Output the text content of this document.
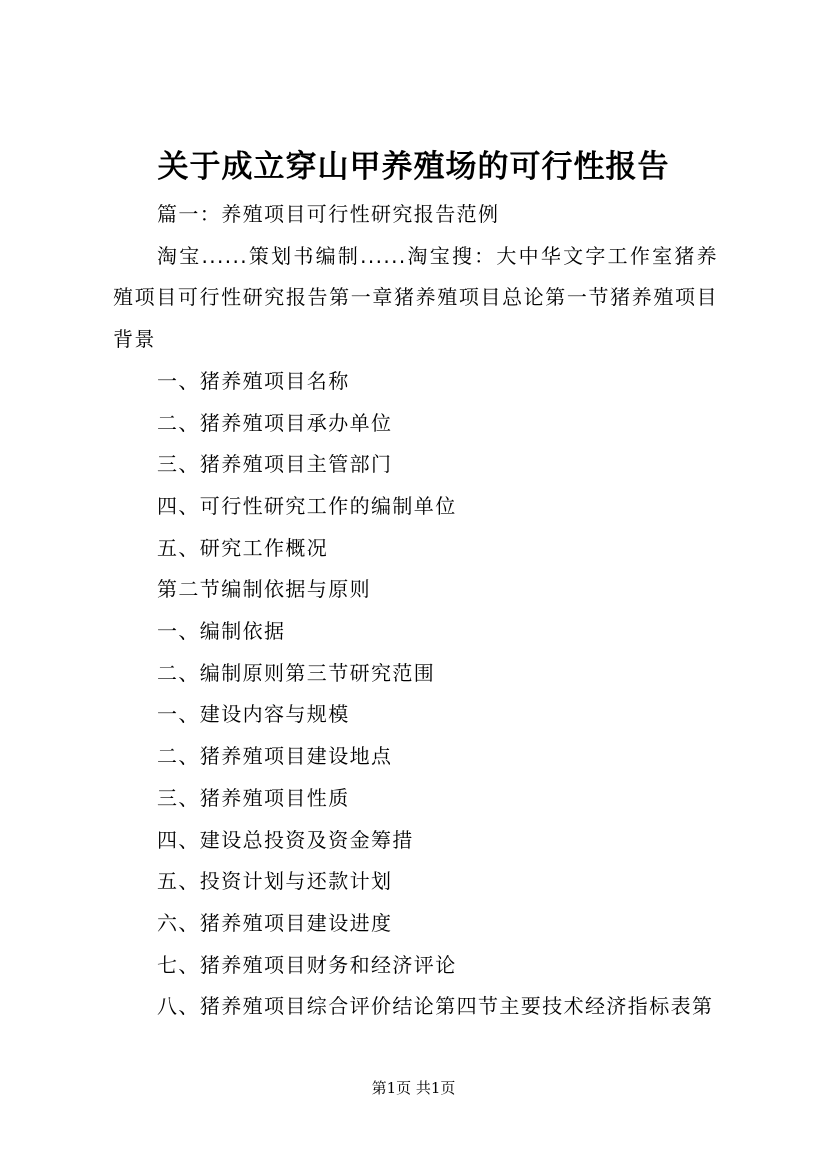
关于成立穿山甲养殖场的可行性报告

篇一：养殖项目可行性研究报告范例

淘宝......策划书编制......淘宝搜：大中华文字工作室猪养殖项目可行性研究报告第一章猪养殖项目总论第一节猪养殖项目背景

一、猪养殖项目名称

二、猪养殖项目承办单位

三、猪养殖项目主管部门

四、可行性研究工作的编制单位

五、研究工作概况

第二节编制依据与原则

一、编制依据

二、编制原则第三节研究范围

一、建设内容与规模

二、猪养殖项目建设地点

三、猪养殖项目性质

四、建设总投资及资金筹措

五、投资计划与还款计划

六、猪养殖项目建设进度

七、猪养殖项目财务和经济评论

八、猪养殖项目综合评价结论第四节主要技术经济指标表第

第1页 共1页
